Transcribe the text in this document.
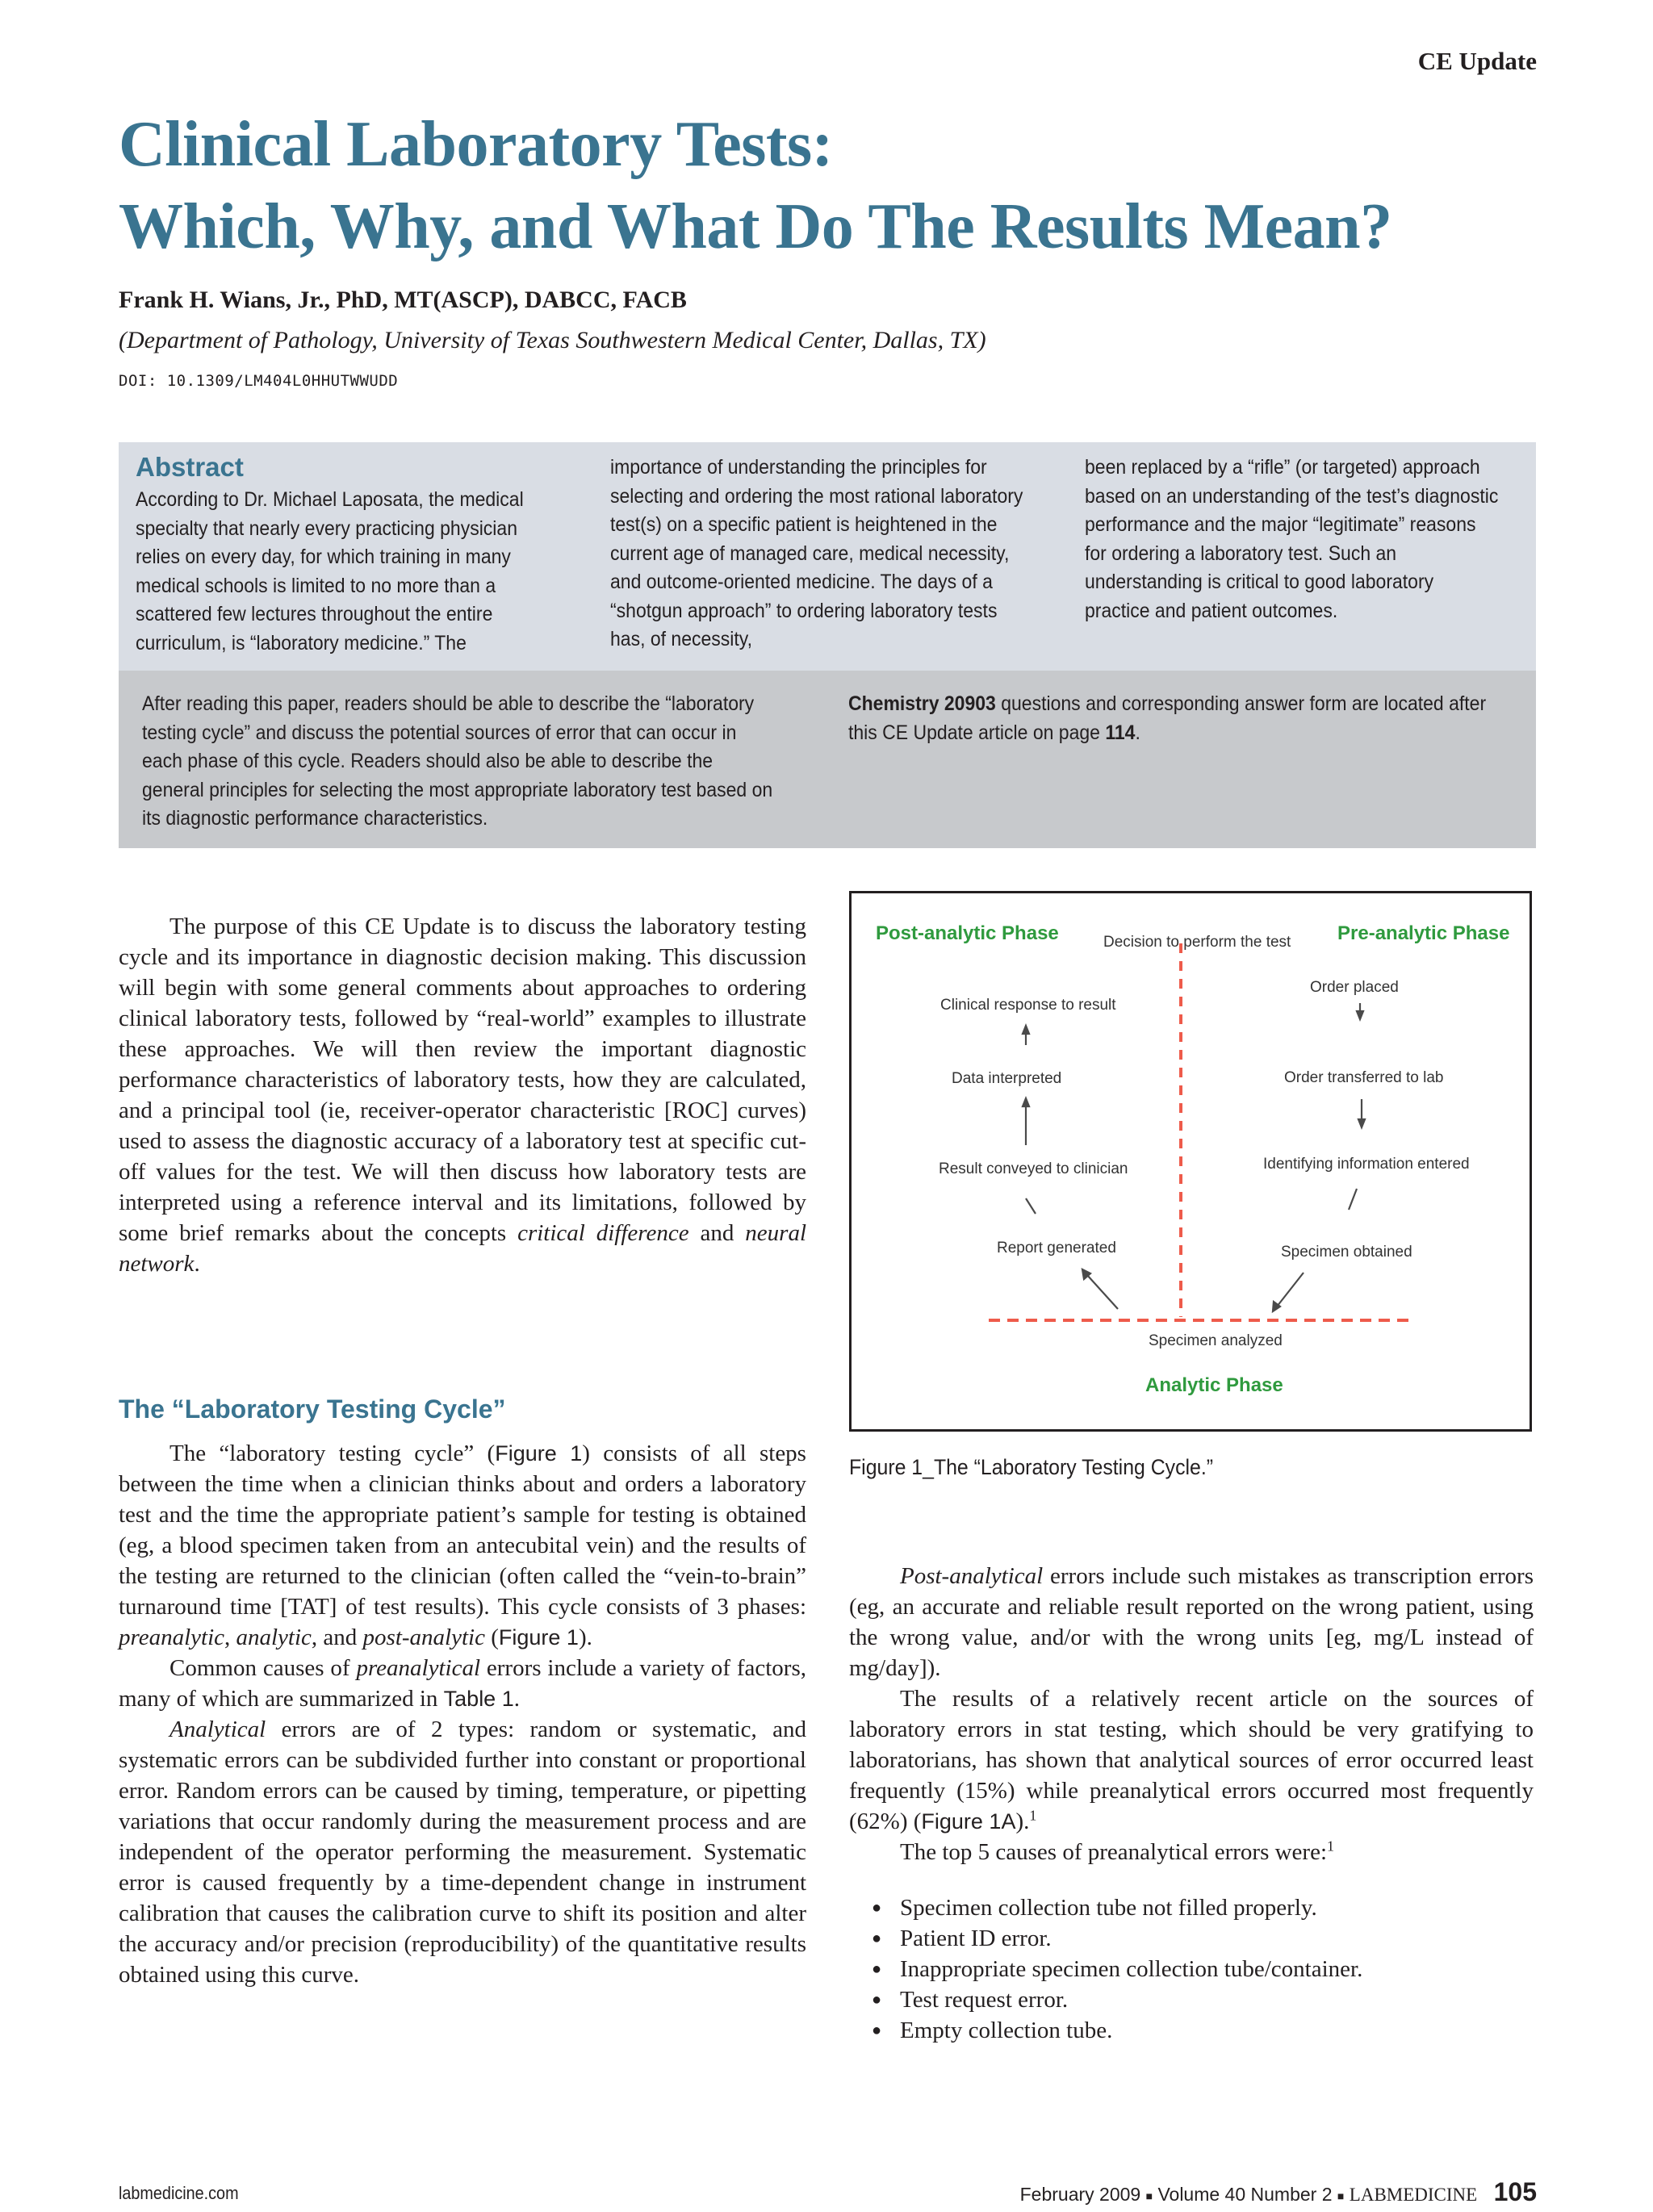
CE Update
Clinical Laboratory Tests:
Which, Why, and What Do The Results Mean?
Frank H. Wians, Jr., PhD, MT(ASCP), DABCC, FACB
(Department of Pathology, University of Texas Southwestern Medical Center, Dallas, TX)
DOI: 10.1309/LM404L0HHUTWWUDD
Abstract

According to Dr. Michael Laposata, the medical specialty that nearly every practicing physician relies on every day, for which training in many medical schools is limited to no more than a scattered few lectures throughout the entire curriculum, is “laboratory medicine.” The

importance of understanding the principles for selecting and ordering the most rational laboratory test(s) on a specific patient is heightened in the current age of managed care, medical necessity, and outcome-oriented medicine. The days of a “shotgun approach” to ordering laboratory tests has, of necessity,

been replaced by a “rifle” (or targeted) approach based on an understanding of the test’s diagnostic performance and the major “legitimate” reasons for ordering a laboratory test. Such an understanding is critical to good laboratory practice and patient outcomes.

After reading this paper, readers should be able to describe the “laboratory testing cycle” and discuss the potential sources of error that can occur in each phase of this cycle. Readers should also be able to describe the general principles for selecting the most appropriate laboratory test based on its diagnostic performance characteristics.

Chemistry 20903 questions and corresponding answer form are located after this CE Update article on page 114.

The purpose of this CE Update is to discuss the laboratory testing cycle and its importance in diagnostic decision making. This discussion will begin with some general comments about approaches to ordering clinical laboratory tests, followed by “real-world” examples to illustrate these approaches. We will then review the important diagnostic performance characteristics of laboratory tests, how they are calculated, and a principal tool (ie, receiver-operator characteristic [ROC] curves) used to assess the diagnostic accuracy of a laboratory test at specific cut-off values for the test. We will then discuss how laboratory tests are interpreted using a reference interval and its limitations, followed by some brief remarks about the concepts critical difference and neural network.

The “Laboratory Testing Cycle”

The “laboratory testing cycle” (Figure 1) consists of all steps between the time when a clinician thinks about and orders a laboratory test and the time the appropriate patient’s sample for testing is obtained (eg, a blood specimen taken from an antecubital vein) and the results of the testing are returned to the clinician (often called the “vein-to-brain” turnaround time [TAT] of test results). This cycle consists of 3 phases: preanalytic, analytic, and post-analytic (Figure 1).

Common causes of preanalytical errors include a variety of factors, many of which are summarized in Table 1.

Analytical errors are of 2 types: random or systematic, and systematic errors can be subdivided further into constant or proportional error. Random errors can be caused by timing, temperature, or pipetting variations that occur randomly during the measurement process and are independent of the operator performing the measurement. Systematic error is caused frequently by a time-dependent change in instrument calibration that causes the calibration curve to shift its position and alter the accuracy and/or precision (reproducibility) of the quantitative results obtained using this curve.

Post-analytic Phase	Pre-analytic Phase
Decision to perform the test
Clinical response to result
Data interpreted
Result conveyed to clinician
Report generated
Order placed
Order transferred to lab
Identifying information entered
Specimen obtained
Specimen analyzed
Analytic Phase
Figure 1_The “Laboratory Testing Cycle.”

Post-analytical errors include such mistakes as transcription errors (eg, an accurate and reliable result reported on the wrong patient, using the wrong value, and/or with the wrong units [eg, mg/L instead of mg/day]).

The results of a relatively recent article on the sources of laboratory errors in stat testing, which should be very gratifying to laboratorians, has shown that analytical sources of error occurred least frequently (15%) while preanalytical errors occurred most frequently (62%) (Figure 1A).$^1$

The top 5 causes of preanalytical errors were:$^1$

● Specimen collection tube not filled properly.
● Patient ID error.
● Inappropriate specimen collection tube/container.
● Test request error.
● Empty collection tube.
labmedicine.com	February 2009 ■ Volume 40 Number 2 ■ LABMEDICINE 105
